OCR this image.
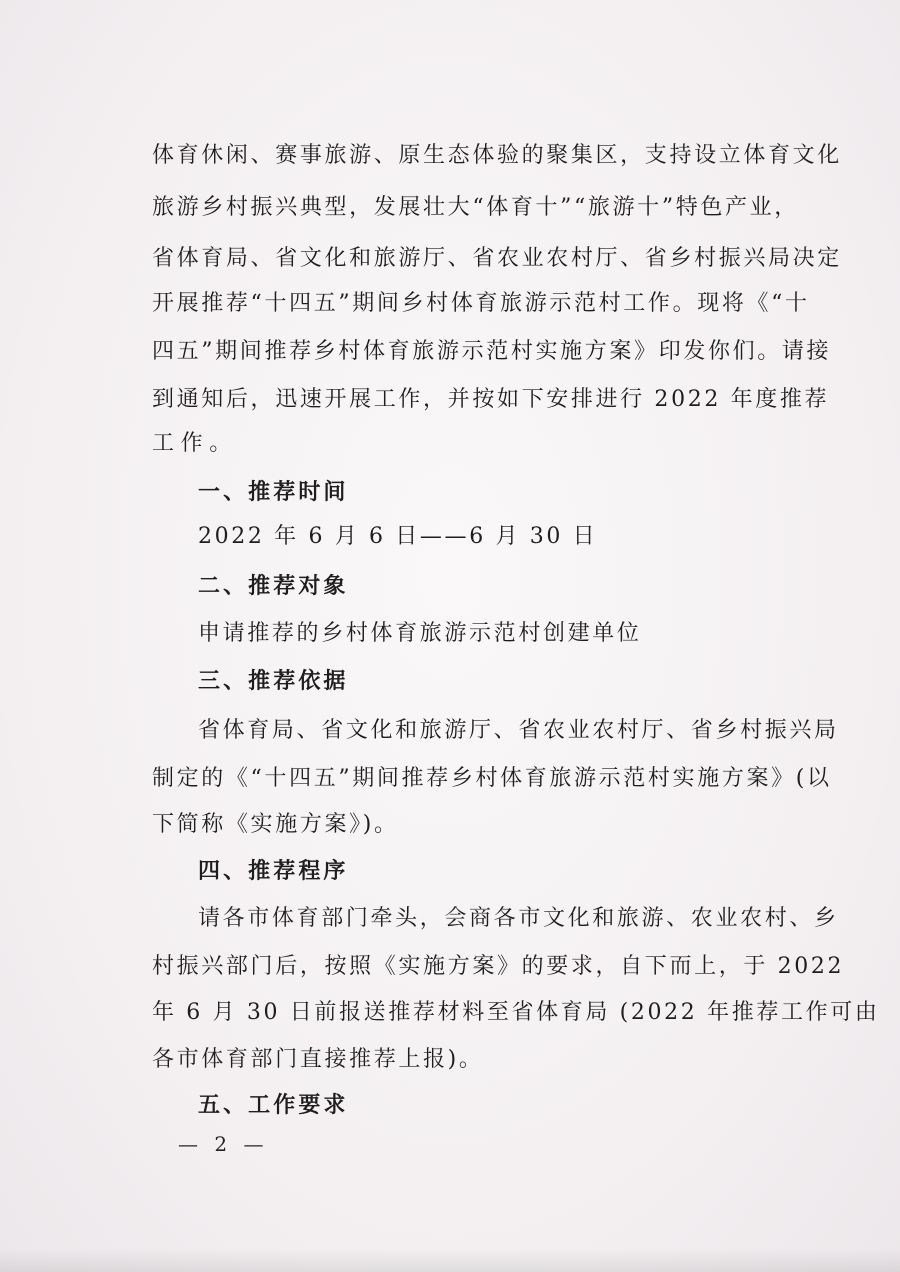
体育休闲、赛事旅游、原生态体验的聚集区，支持设立体育文化
旅游乡村振兴典型，发展壮大“体育十”“旅游十”特色产业，
省体育局、省文化和旅游厅、省农业农村厅、省乡村振兴局决定
开展推荐“十四五”期间乡村体育旅游示范村工作。现将《“十
四五”期间推荐乡村体育旅游示范村实施方案》印发你们。请接
到通知后，迅速开展工作，并按如下安排进行 2022 年度推荐
工作。
一、推荐时间
2022 年 6 月 6 日——6 月 30 日
二、推荐对象
申请推荐的乡村体育旅游示范村创建单位
三、推荐依据
省体育局、省文化和旅游厅、省农业农村厅、省乡村振兴局
制定的《“十四五”期间推荐乡村体育旅游示范村实施方案》(以
下简称《实施方案》)。
四、推荐程序
请各市体育部门牵头，会商各市文化和旅游、农业农村、乡
村振兴部门后，按照《实施方案》的要求，自下而上，于 2022
年 6 月 30 日前报送推荐材料至省体育局 (2022 年推荐工作可由
各市体育部门直接推荐上报)。
五、工作要求
— 2 —
